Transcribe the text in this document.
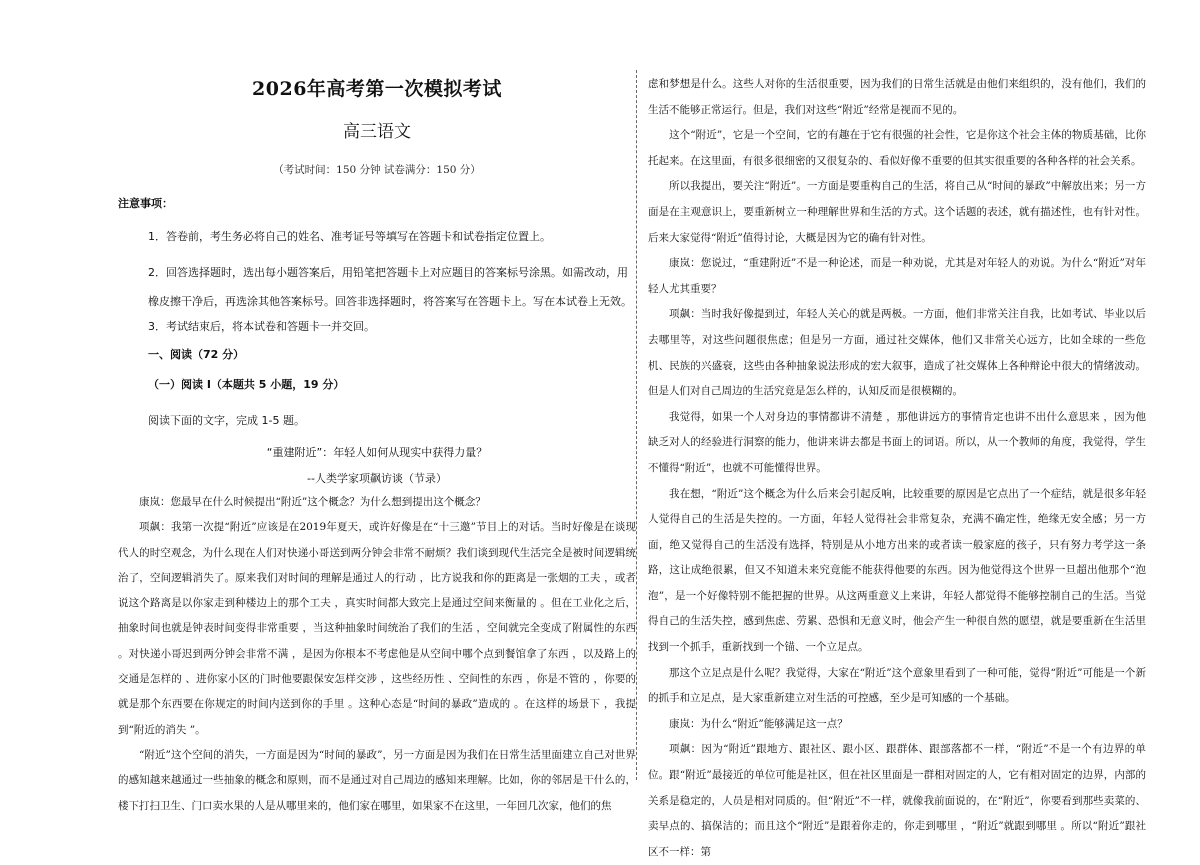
2026年高考第一次模拟考试
高三语文
（考试时间：150 分钟 试卷满分：150 分）
注意事项：
1．答卷前，考生务必将自己的姓名、准考证号等填写在答题卡和试卷指定位置上。
2．回答选择题时，选出每小题答案后，用铅笔把答题卡上对应题目的答案标号涂黑。如需改动，用橡皮擦干净后，再选涂其他答案标号。回答非选择题时，将答案写在答题卡上。写在本试卷上无效。
3．考试结束后，将本试卷和答题卡一并交回。
一、阅读（72 分）
（一）阅读 I（本题共 5 小题，19 分）
阅读下面的文字，完成 1-5 题。
“重建附近”：年轻人如何从现实中获得力量？
--人类学家项飙访谈（节录）

康岚：您最早在什么时候提出“附近”这个概念？为什么想到提出这个概念？

项飙：我第一次提“附近”应该是在2019年夏天，或许好像是在“十三邀”节目上的对话。当时好像是在谈现代人的时空观念，为什么现在人们对快递小哥送到两分钟会非常不耐烦？我们谈到现代生活完全是被时间逻辑统治了，空间逻辑消失了。原来我们对时间的理解是通过人的行动 ，比方说我和你的距离是一张烟的工夫 ，或者说这个路离是以你家走到种楼边上的那个工夫 ，真实时间都大致完上是通过空间来衡量的 。但在工业化之后，抽象时间也就是钟表时间变得非常重要 ，当这种抽象时间统治了我们的生活 ，空间就完全变成了附属性的东西 。对快递小哥迟到两分钟会非常不满 ，是因为你根本不考虑他是从空间中哪个点到餐馆拿了东西 ，以及路上的交通是怎样的 、进你家小区的门时他要跟保安怎样交涉 ，这些经历性 、空间性的东西 ，你是不管的 ，你要的就是那个东西要在你规定的时间内送到你的手里 。这种心态是“时间的暴政”造成的 。在这样的场景下 ，我提到“附近的消失 ”。

“附近”这个空间的消失，一方面是因为“时间的暴政”，另一方面是因为我们在日常生活里面建立自己对世界的感知越来越通过一些抽象的概念和原则，而不是通过对自己周边的感知来理解。比如，你的邻居是干什么的，楼下打扫卫生、门口卖水果的人是从哪里来的，他们家在哪里，如果家不在这里，一年回几次家，他们的焦

虑和梦想是什么。这些人对你的生活很重要，因为我们的日常生活就是由他们来组织的，没有他们，我们的生活不能够正常运行。但是，我们对这些“附近”经常是视而不见的。

这个“附近”，它是一个空间，它的有趣在于它有很强的社会性，它是你这个社会主体的物质基础，比你托起来。在这里面，有很多很细密的又很复杂的、看似好像不重要的但其实很重要的各种各样的社会关系。

所以我提出，要关注“附近”。一方面是要重构自己的生活，将自己从“时间的暴政”中解放出来；另一方面是在主观意识上，要重新树立一种理解世界和生活的方式。这个话题的表述，就有描述性，也有针对性。后来大家觉得“附近”值得讨论，大概是因为它的确有针对性。

康岚：您说过，“重建附近”不是一种论述，而是一种劝说，尤其是对年轻人的劝说。为什么“附近”对年轻人尤其重要？

项飙：当时我好像提到过，年轻人关心的就是两极。一方面，他们非常关注自我，比如考试、毕业以后去哪里等，对这些问题很焦虑；但是另一方面，通过社交媒体，他们又非常关心远方，比如全球的一些危机、民族的兴盛衰，这些由各种抽象说法形成的宏大叙事，造成了社交媒体上各种辩论中很大的情绪波动。但是人们对自己周边的生活究竟是怎么样的，认知反而是很模糊的。

我觉得，如果一个人对身边的事情都讲不清楚 ，那他讲远方的事情肯定也讲不出什么意思来 ，因为他缺乏对人的经验进行洞察的能力，他讲来讲去都是书面上的词语。所以，从一个教师的角度，我觉得，学生不懂得“附近”，也就不可能懂得世界。

我在想，“附近”这个概念为什么后来会引起反响，比较重要的原因是它点出了一个症结，就是很多年轻人觉得自己的生活是失控的。一方面，年轻人觉得社会非常复杂，充满不确定性，绝缘无安全感；另一方面，绝又觉得自己的生活没有选择，特别是从小地方出来的或者读一般家庭的孩子，只有努力考学这一条路，这让成绝很累，但又不知道未来究竟能不能获得他要的东西。因为他觉得这个世界一旦超出他那个“泡泡”，是一个好像特别不能把握的世界。从这两重意义上来讲，年轻人都觉得不能够控制自己的生活。当觉得自己的生活失控，感到焦虑、劳累、恐惧和无意义时，他会产生一种很自然的愿望，就是要重新在生活里找到一个抓手，重新找到一个锚、一个立足点。

那这个立足点是什么呢？我觉得，大家在“附近”这个意象里看到了一种可能，觉得“附近”可能是一个新的抓手和立足点，是大家重新建立对生活的可控感，至少是可知感的一个基础。

康岚：为什么“附近”能够满足这一点？

项飙：因为“附近”跟地方、跟社区、跟小区、跟群体、跟部落都不一样，“附近”不是一个有边界的单位。跟“附近”最接近的单位可能是社区，但在社区里面是一群相对固定的人，它有相对固定的边界，内部的关系是稳定的，人员是相对同质的。但“附近”不一样，就像我前面说的，在“附近”，你要看到那些卖菜的、卖早点的、搞保洁的；而且这个“附近”是跟着你走的，你走到哪里 ，“附近”就跟到哪里 。所以“附近”跟社区不一样：第
